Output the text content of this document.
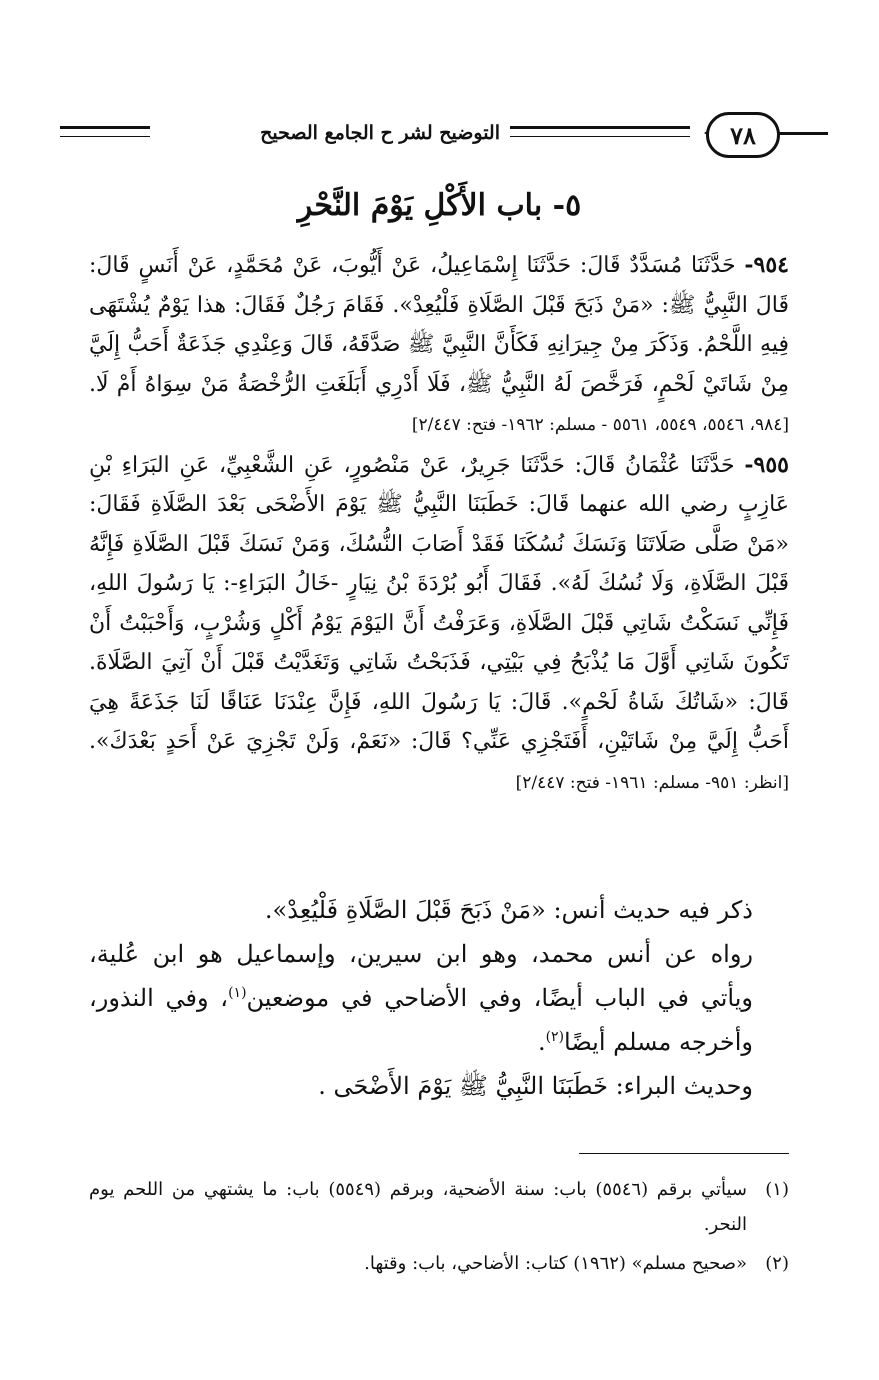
٧٨
التوضيح لشر ح الجامع الصحيح
٥- باب الأَكْلِ يَوْمَ النَّحْرِ

٩٥٤- حَدَّثَنَا مُسَدَّدٌ قَالَ: حَدَّثَنَا إِسْمَاعِيلُ، عَنْ أَيُّوبَ، عَنْ مُحَمَّدٍ، عَنْ أَنَسٍ قَالَ: قَالَ النَّبِيُّ ﷺ: «مَنْ ذَبَحَ قَبْلَ الصَّلَاةِ فَلْيُعِدْ». فَقَامَ رَجُلٌ فَقَالَ: هذا يَوْمٌ يُشْتَهَى فِيهِ اللَّحْمُ. وَذَكَرَ مِنْ جِيرَانِهِ فَكَأَنَّ النَّبِيَّ ﷺ صَدَّقَهُ، قَالَ وَعِنْدِي جَذَعَةٌ أَحَبُّ إِلَيَّ مِنْ شَاتَيْ لَحْمٍ، فَرَخَّصَ لَهُ النَّبِيُّ ﷺ، فَلَا أَدْرِي أَبَلَغَتِ الرُّخْصَةُ مَنْ سِوَاهُ أَمْ لَا. [٩٨٤، ٥٥٤٦، ٥٥٤٩، ٥٥٦١ - مسلم: ١٩٦٢- فتح: ٢/٤٤٧]

٩٥٥- حَدَّثَنَا عُثْمَانُ قَالَ: حَدَّثَنَا جَرِيرٌ، عَنْ مَنْصُورٍ، عَنِ الشَّعْبِيِّ، عَنِ البَرَاءِ بْنِ عَازِبٍ رضي الله عنهما قَالَ: خَطَبَنَا النَّبِيُّ ﷺ يَوْمَ الأَضْحَى بَعْدَ الصَّلَاةِ فَقَالَ: «مَنْ صَلَّى صَلَاتَنَا وَنَسَكَ نُسُكَنَا فَقَدْ أَصَابَ النُّسُكَ، وَمَنْ نَسَكَ قَبْلَ الصَّلَاةِ فَإِنَّهُ قَبْلَ الصَّلَاةِ، وَلَا نُسُكَ لَهُ». فَقَالَ أَبُو بُرْدَةَ بْنُ نِيَارٍ -خَالُ البَرَاءِ-: يَا رَسُولَ اللهِ، فَإِنِّي نَسَكْتُ شَاتِي قَبْلَ الصَّلَاةِ، وَعَرَفْتُ أَنَّ اليَوْمَ يَوْمُ أَكْلٍ وَشُرْبٍ، وَأَحْبَبْتُ أَنْ تَكُونَ شَاتِي أَوَّلَ مَا يُذْبَحُ فِي بَيْتِي، فَذَبَحْتُ شَاتِي وَتَغَدَّيْتُ قَبْلَ أَنْ آتِيَ الصَّلَاةَ. قَالَ: «شَاتُكَ شَاةُ لَحْمٍ». قَالَ: يَا رَسُولَ اللهِ، فَإِنَّ عِنْدَنَا عَنَاقًا لَنَا جَذَعَةً هِيَ أَحَبُّ إِلَيَّ مِنْ شَاتَيْنِ، أَفَتَجْزِي عَنِّي؟ قَالَ: «نَعَمْ، وَلَنْ تَجْزِيَ عَنْ أَحَدٍ بَعْدَكَ». [انظر: ٩٥١- مسلم: ١٩٦١- فتح: ٢/٤٤٧]

ذكر فيه حديث أنس: «مَنْ ذَبَحَ قَبْلَ الصَّلَاةِ فَلْيُعِدْ».

رواه عن أنس محمد، وهو ابن سيرين، وإسماعيل هو ابن عُلية، ويأتي في الباب أيضًا، وفي الأضاحي في موضعين$^{(١)}$، وفي النذور، وأخرجه مسلم أيضًا$^{(٢)}$.

وحديث البراء: خَطَبَنَا النَّبِيُّ ﷺ يَوْمَ الأَضْحَى .

(١)
سيأتي برقم (٥٥٤٦) باب: سنة الأضحية، وبرقم (٥٥٤٩) باب: ما يشتهي من اللحم يوم النحر.
(٢)
«صحيح مسلم» (١٩٦٢) كتاب: الأضاحي، باب: وقتها.
